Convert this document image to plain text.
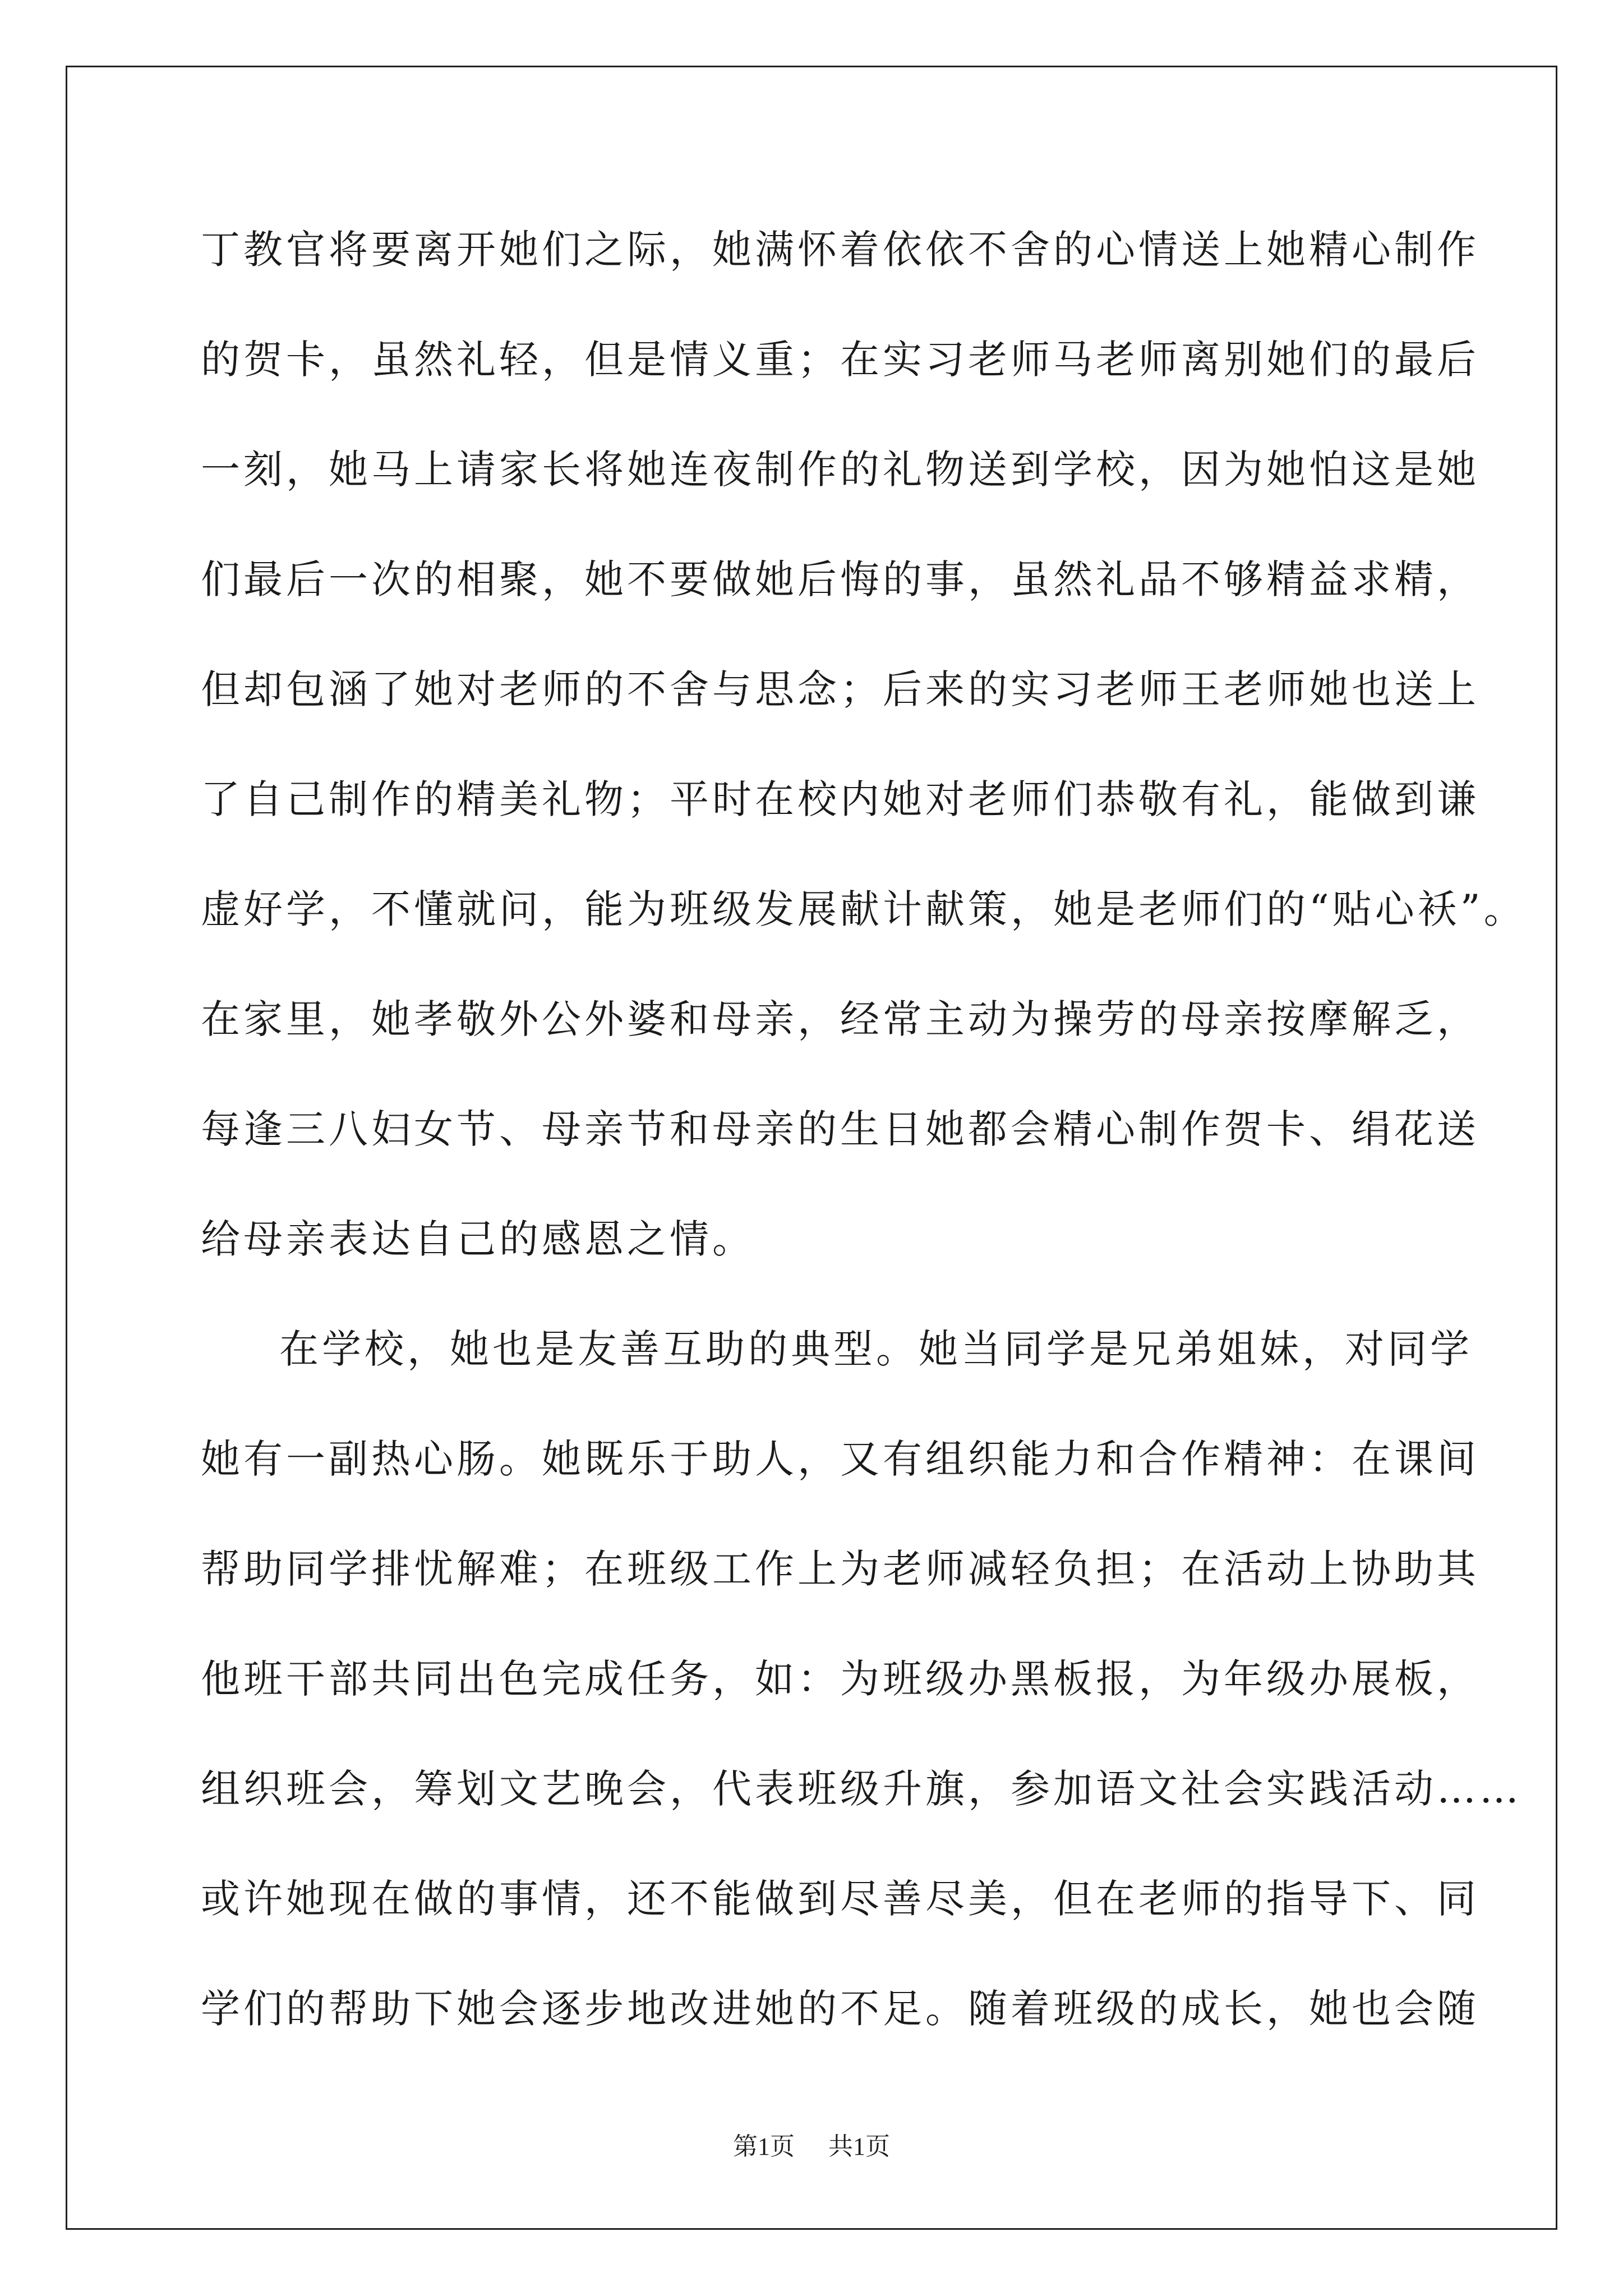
丁教官将要离开她们之际，她满怀着依依不舍的心情送上她精心制作
的贺卡，虽然礼轻，但是情义重；在实习老师马老师离别她们的最后
一刻，她马上请家长将她连夜制作的礼物送到学校，因为她怕这是她
们最后一次的相聚，她不要做她后悔的事，虽然礼品不够精益求精，
但却包涵了她对老师的不舍与思念；后来的实习老师王老师她也送上
了自己制作的精美礼物；平时在校内她对老师们恭敬有礼，能做到谦
虚好学，不懂就问，能为班级发展献计献策，她是老师们的“贴心袄”。
在家里，她孝敬外公外婆和母亲，经常主动为操劳的母亲按摩解乏，
每逢三八妇女节、母亲节和母亲的生日她都会精心制作贺卡、绢花送
给母亲表达自己的感恩之情。
在学校，她也是友善互助的典型。她当同学是兄弟姐妹，对同学
她有一副热心肠。她既乐于助人，又有组织能力和合作精神：在课间
帮助同学排忧解难；在班级工作上为老师减轻负担；在活动上协助其
他班干部共同出色完成任务，如：为班级办黑板报，为年级办展板，
组织班会，筹划文艺晚会，代表班级升旗，参加语文社会实践活动……
或许她现在做的事情，还不能做到尽善尽美，但在老师的指导下、同
学们的帮助下她会逐步地改进她的不足。随着班级的成长，她也会随
第1页 共1页
